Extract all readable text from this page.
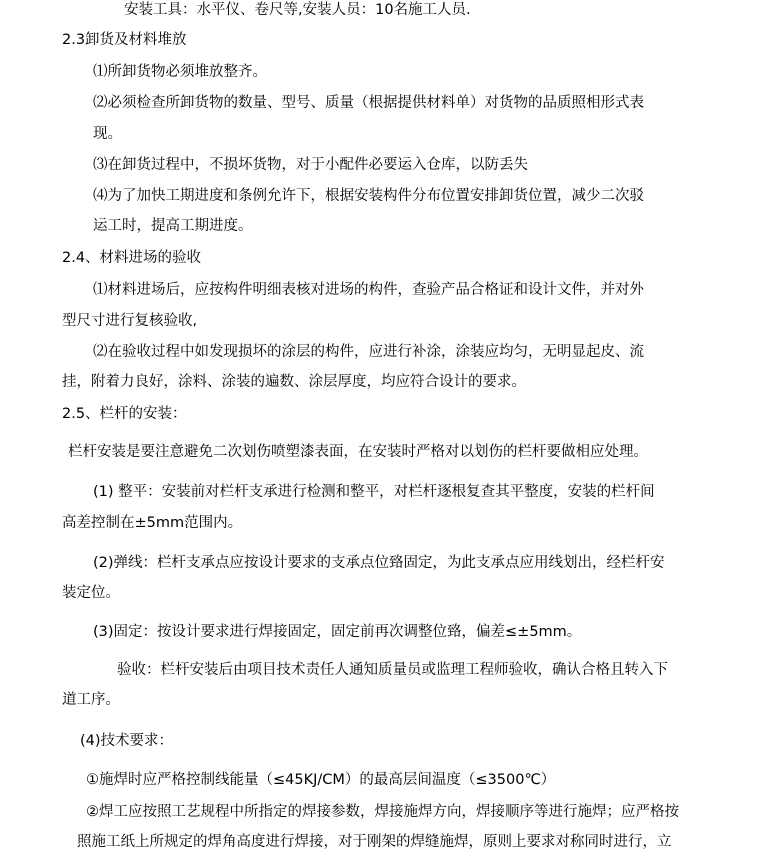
安装工具：水平仪、卷尺等,安装人员：10名施工人员.
2.3卸货及材料堆放
⑴所卸货物必须堆放整齐。
⑵必须检查所卸货物的数量、型号、质量（根据提供材料单）对货物的品质照相形式表
现。
⑶在卸货过程中，不损坏货物，对于小配件必要运入仓库，以防丢失
⑷为了加快工期进度和条例允许下，根据安装构件分布位置安排卸货位置，减少二次驳
运工时，提高工期进度。
2.4、材料进场的验收
⑴材料进场后，应按构件明细表核对进场的构件，查验产品合格证和设计文件，并对外
型尺寸进行复核验收,
⑵在验收过程中如发现损坏的涂层的构件，应进行补涂，涂装应均匀，无明显起皮、流
挂，附着力良好，涂料、涂装的遍数、涂层厚度，均应符合设计的要求。
2.5、栏杆的安装：
栏杆安装是要注意避免二次划伤喷塑漆表面，在安装时严格对以划伤的栏杆要做相应处理。
(1) 整平：安装前对栏杆支承进行检测和整平，对栏杆逐根复查其平整度，安装的栏杆间
高差控制在±5mm范围内。
(2)弹线：栏杆支承点应按设计要求的支承点位臵固定，为此支承点应用线划出，经栏杆安
装定位。
(3)固定：按设计要求进行焊接固定，固定前再次调整位臵，偏差≤±5mm。
验收：栏杆安装后由项目技术责任人通知质量员或监理工程师验收，确认合格且转入下
道工序。
(4)技术要求：
①施焊时应严格控制线能量（≤45KJ/CM）的最高层间温度（≤3500℃）
②焊工应按照工艺规程中所指定的焊接参数，焊接施焊方向，焊接顺序等进行施焊；应严格按
照施工纸上所规定的焊角高度进行焊接，对于刚架的焊缝施焊，原则上要求对称同时进行，立
